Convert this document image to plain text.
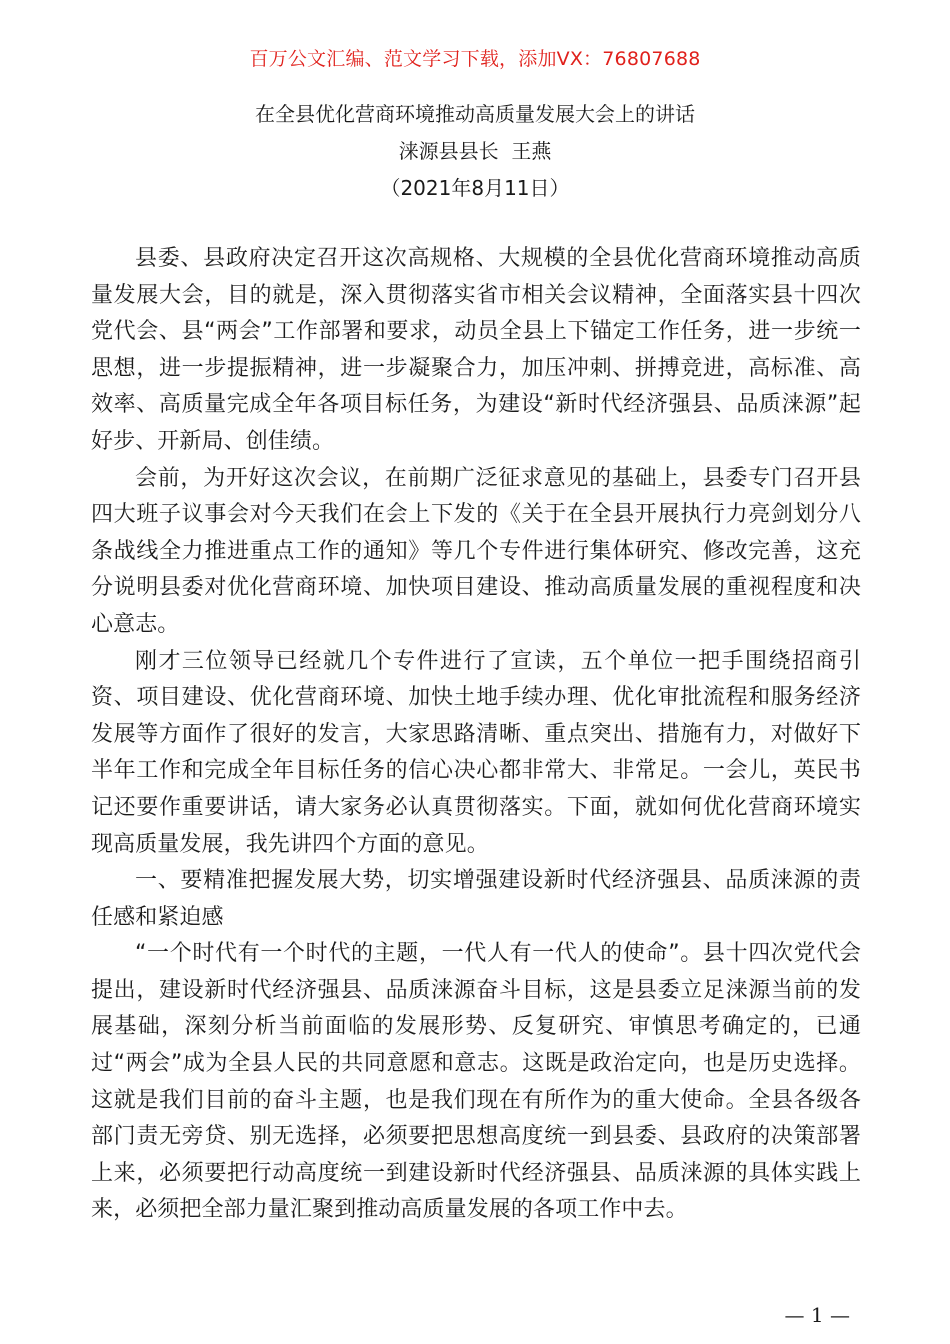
百万公文汇编、范文学习下载，添加VX：76807688
在全县优化营商环境推动高质量发展大会上的讲话
涞源县县长  王燕
（2021年8月11日）

县委、县政府决定召开这次高规格、大规模的全县优化营商环境推动高质量发展大会，目的就是，深入贯彻落实省市相关会议精神，全面落实县十四次党代会、县“两会”工作部署和要求，动员全县上下锚定工作任务，进一步统一思想，进一步提振精神，进一步凝聚合力，加压冲刺、拼搏竞进，高标准、高效率、高质量完成全年各项目标任务，为建设“新时代经济强县、品质涞源”起好步、开新局、创佳绩。

会前，为开好这次会议，在前期广泛征求意见的基础上，县委专门召开县四大班子议事会对今天我们在会上下发的《关于在全县开展执行力亮剑划分八条战线全力推进重点工作的通知》等几个专件进行集体研究、修改完善，这充分说明县委对优化营商环境、加快项目建设、推动高质量发展的重视程度和决心意志。

刚才三位领导已经就几个专件进行了宣读，五个单位一把手围绕招商引资、项目建设、优化营商环境、加快土地手续办理、优化审批流程和服务经济发展等方面作了很好的发言，大家思路清晰、重点突出、措施有力，对做好下半年工作和完成全年目标任务的信心决心都非常大、非常足。一会儿，英民书记还要作重要讲话，请大家务必认真贯彻落实。下面，就如何优化营商环境实现高质量发展，我先讲四个方面的意见。

一、要精准把握发展大势，切实增强建设新时代经济强县、品质涞源的责任感和紧迫感

“一个时代有一个时代的主题，一代人有一代人的使命”。县十四次党代会提出，建设新时代经济强县、品质涞源奋斗目标，这是县委立足涞源当前的发展基础，深刻分析当前面临的发展形势、反复研究、审慎思考确定的，已通过“两会”成为全县人民的共同意愿和意志。这既是政治定向，也是历史选择。这就是我们目前的奋斗主题，也是我们现在有所作为的重大使命。全县各级各部门责无旁贷、别无选择，必须要把思想高度统一到县委、县政府的决策部署上来，必须要把行动高度统一到建设新时代经济强县、品质涞源的具体实践上来，必须把全部力量汇聚到推动高质量发展的各项工作中去。

— 1 —
